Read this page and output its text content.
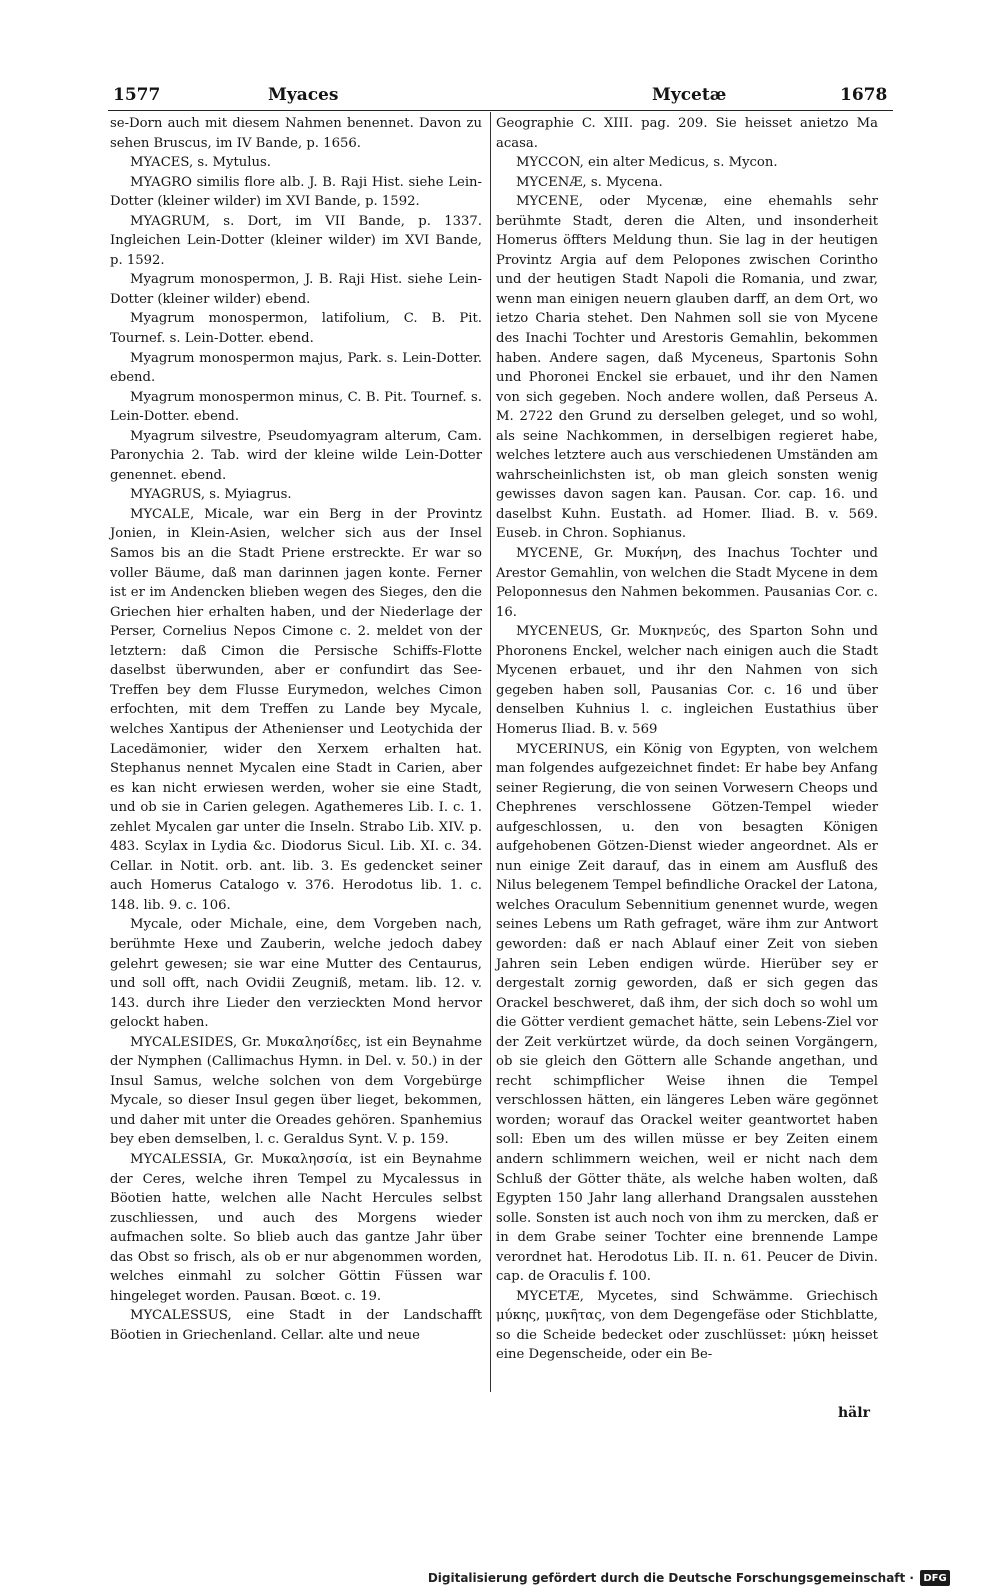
1577	Myaces	Mycetæ	1678

se-Dorn auch mit diesem Nahmen benennet. Davon zu sehen Bruscus, im IV Bande, p. 1656.

MYACES, s. Mytulus.

MYAGRO similis flore alb. J. B. Raji Hist. siehe Lein-Dotter (kleiner wilder) im XVI Bande, p. 1592.

MYAGRUM, s. Dort, im VII Bande, p. 1337. Ingleichen Lein-Dotter (kleiner wilder) im XVI Bande, p. 1592.

Myagrum monospermon, J. B. Raji Hist. siehe Lein-Dotter (kleiner wilder) ebend.

Myagrum monospermon, latifolium, C. B. Pit. Tournef. s. Lein-Dotter. ebend.

Myagrum monospermon majus, Park. s. Lein-Dotter. ebend.

Myagrum monospermon minus, C. B. Pit. Tournef. s. Lein-Dotter. ebend.

Myagrum silvestre, Pseudomyagram alterum, Cam. Paronychia 2. Tab. wird der kleine wilde Lein-Dotter genennet. ebend.

MYAGRUS, s. Myiagrus.

MYCALE, Micale, war ein Berg in der Provintz Jonien, in Klein-Asien, welcher sich aus der Insel Samos bis an die Stadt Priene erstreckte. Er war so voller Bäume, daß man darinnen jagen konte. Ferner ist er im Andencken blieben wegen des Sieges, den die Griechen hier erhalten haben, und der Niederlage der Perser, Cornelius Nepos Cimone c. 2. meldet von der letztern: daß Cimon die Persische Schiffs-Flotte daselbst überwunden, aber er confundirt das See-Treffen bey dem Flusse Eurymedon, welches Cimon erfochten, mit dem Treffen zu Lande bey Mycale, welches Xantipus der Athenienser und Leotychida der Lacedämonier, wider den Xerxem erhalten hat. Stephanus nennet Mycalen eine Stadt in Carien, aber es kan nicht erwiesen werden, woher sie eine Stadt, und ob sie in Carien gelegen. Agathemeres Lib. I. c. 1. zehlet Mycalen gar unter die Inseln. Strabo Lib. XIV. p. 483. Scylax in Lydia &c. Diodorus Sicul. Lib. XI. c. 34. Cellar. in Notit. orb. ant. lib. 3. Es gedencket seiner auch Homerus Catalogo v. 376. Herodotus lib. 1. c. 148. lib. 9. c. 106.

Mycale, oder Michale, eine, dem Vorgeben nach, berühmte Hexe und Zauberin, welche jedoch dabey gelehrt gewesen; sie war eine Mutter des Centaurus, und soll offt, nach Ovidii Zeugniß, metam. lib. 12. v. 143. durch ihre Lieder den verzieckten Mond hervor gelockt haben.

MYCALESIDES, Gr. Μυκαλησίδες, ist ein Beynahme der Nymphen (Callimachus Hymn. in Del. v. 50.) in der Insul Samus, welche solchen von dem Vorgebürge Mycale, so dieser Insul gegen über lieget, bekommen, und daher mit unter die Oreades gehören. Spanhemius bey eben demselben, l. c. Geraldus Synt. V. p. 159.

MYCALESSIA, Gr. Μυκαλησσία, ist ein Beynahme der Ceres, welche ihren Tempel zu Mycalessus in Böotien hatte, welchen alle Nacht Hercules selbst zuschliessen, und auch des Morgens wieder aufmachen solte. So blieb auch das gantze Jahr über das Obst so frisch, als ob er nur abgenommen worden, welches einmahl zu solcher Göttin Füssen war hingeleget worden. Pausan. Bœot. c. 19.

MYCALESSUS, eine Stadt in der Landschafft Böotien in Griechenland. Cellar. alte und neue

Geographie C. XIII. pag. 209. Sie heisset anietzo Ma acasa.

MYCCON, ein alter Medicus, s. Mycon.

MYCENÆ, s. Mycena.

MYCENE, oder Mycenæ, eine ehemahls sehr berühmte Stadt, deren die Alten, und insonderheit Homerus öffters Meldung thun. Sie lag in der heutigen Provintz Argia auf dem Pelopones zwischen Corintho und der heutigen Stadt Napoli die Romania, und zwar, wenn man einigen neuern glauben darff, an dem Ort, wo ietzo Charia stehet. Den Nahmen soll sie von Mycene des Inachi Tochter und Arestoris Gemahlin, bekommen haben. Andere sagen, daß Myceneus, Spartonis Sohn und Phoronei Enckel sie erbauet, und ihr den Namen von sich gegeben. Noch andere wollen, daß Perseus A. M. 2722 den Grund zu derselben geleget, und so wohl, als seine Nachkommen, in derselbigen regieret habe, welches letztere auch aus verschiedenen Umständen am wahrscheinlichsten ist, ob man gleich sonsten wenig gewisses davon sagen kan. Pausan. Cor. cap. 16. und daselbst Kuhn. Eustath. ad Homer. Iliad. B. v. 569. Euseb. in Chron. Sophianus.

MYCENE, Gr. Μυκήνη, des Inachus Tochter und Arestor Gemahlin, von welchen die Stadt Mycene in dem Peloponnesus den Nahmen bekommen. Pausanias Cor. c. 16.

MYCENEUS, Gr. Μυκηνεύς, des Sparton Sohn und Phoronens Enckel, welcher nach einigen auch die Stadt Mycenen erbauet, und ihr den Nahmen von sich gegeben haben soll, Pausanias Cor. c. 16 und über denselben Kuhnius l. c. ingleichen Eustathius über Homerus Iliad. B. v. 569

MYCERINUS, ein König von Egypten, von welchem man folgendes aufgezeichnet findet: Er habe bey Anfang seiner Regierung, die von seinen Vorwesern Cheops und Chephrenes verschlossene Götzen-Tempel wieder aufgeschlossen, u. den von besagten Königen aufgehobenen Götzen-Dienst wieder angeordnet. Als er nun einige Zeit darauf, das in einem am Ausfluß des Nilus belegenem Tempel befindliche Orackel der Latona, welches Oraculum Sebennitium genennet wurde, wegen seines Lebens um Rath gefraget, wäre ihm zur Antwort geworden: daß er nach Ablauf einer Zeit von sieben Jahren sein Leben endigen würde. Hierüber sey er dergestalt zornig geworden, daß er sich gegen das Orackel beschweret, daß ihm, der sich doch so wohl um die Götter verdient gemachet hätte, sein Lebens-Ziel vor der Zeit verkürtzet würde, da doch seinen Vorgängern, ob sie gleich den Göttern alle Schande angethan, und recht schimpflicher Weise ihnen die Tempel verschlossen hätten, ein längeres Leben wäre gegönnet worden; worauf das Orackel weiter geantwortet haben soll: Eben um des willen müsse er bey Zeiten einem andern schlimmern weichen, weil er nicht nach dem Schluß der Götter thäte, als welche haben wolten, daß Egypten 150 Jahr lang allerhand Drangsalen ausstehen solle. Sonsten ist auch noch von ihm zu mercken, daß er in dem Grabe seiner Tochter eine brennende Lampe verordnet hat. Herodotus Lib. II. n. 61. Peucer de Divin. cap. de Oraculis f. 100.

MYCETÆ, Mycetes, sind Schwämme. Griechisch μύκης, μυκῆτας, von dem Degengefäse oder Stichblatte, so die Scheide bedecket oder zuschlüsset: μύκη heisset eine Degenscheide, oder ein Be-

hälr
Digitalisierung gefördert durch die Deutsche Forschungsgemeinschaft · DFG
